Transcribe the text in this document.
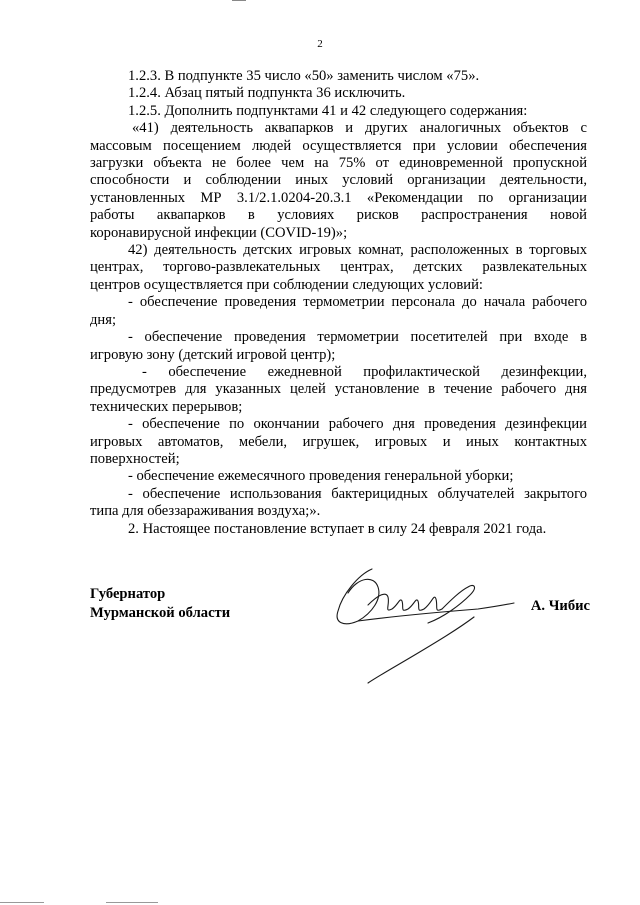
2
1.2.3. В подпункте 35 число «50» заменить числом «75».
1.2.4. Абзац пятый подпункта 36 исключить.
1.2.5. Дополнить подпунктами 41 и 42 следующего содержания:
«41) деятельность аквапарков и других аналогичных объектов с
массовым посещением людей осуществляется при условии обеспечения
загрузки объекта не более чем на 75% от единовременной пропускной
способности и соблюдении иных условий организации деятельности,
установленных МР 3.1/2.1.0204-20.3.1 «Рекомендации по организации
работы аквапарков в условиях рисков распространения новой
коронавирусной инфекции (COVID-19)»;
42) деятельность детских игровых комнат, расположенных в торговых
центрах, торгово-развлекательных центрах, детских развлекательных
центров осуществляется при соблюдении следующих условий:
- обеспечение проведения термометрии персонала до начала рабочего
дня;
- обеспечение проведения термометрии посетителей при входе в
игровую зону (детский игровой центр);
- обеспечение ежедневной профилактической дезинфекции,
предусмотрев для указанных целей установление в течение рабочего дня
технических перерывов;
- обеспечение по окончании рабочего дня проведения дезинфекции
игровых автоматов, мебели, игрушек, игровых и иных контактных
поверхностей;
- обеспечение ежемесячного проведения генеральной уборки;
- обеспечение использования бактерицидных облучателей закрытого
типа для обеззараживания воздуха;».
2. Настоящее постановление вступает в силу 24 февраля 2021 года.
Губернатор
Мурманской области	А. Чибис
